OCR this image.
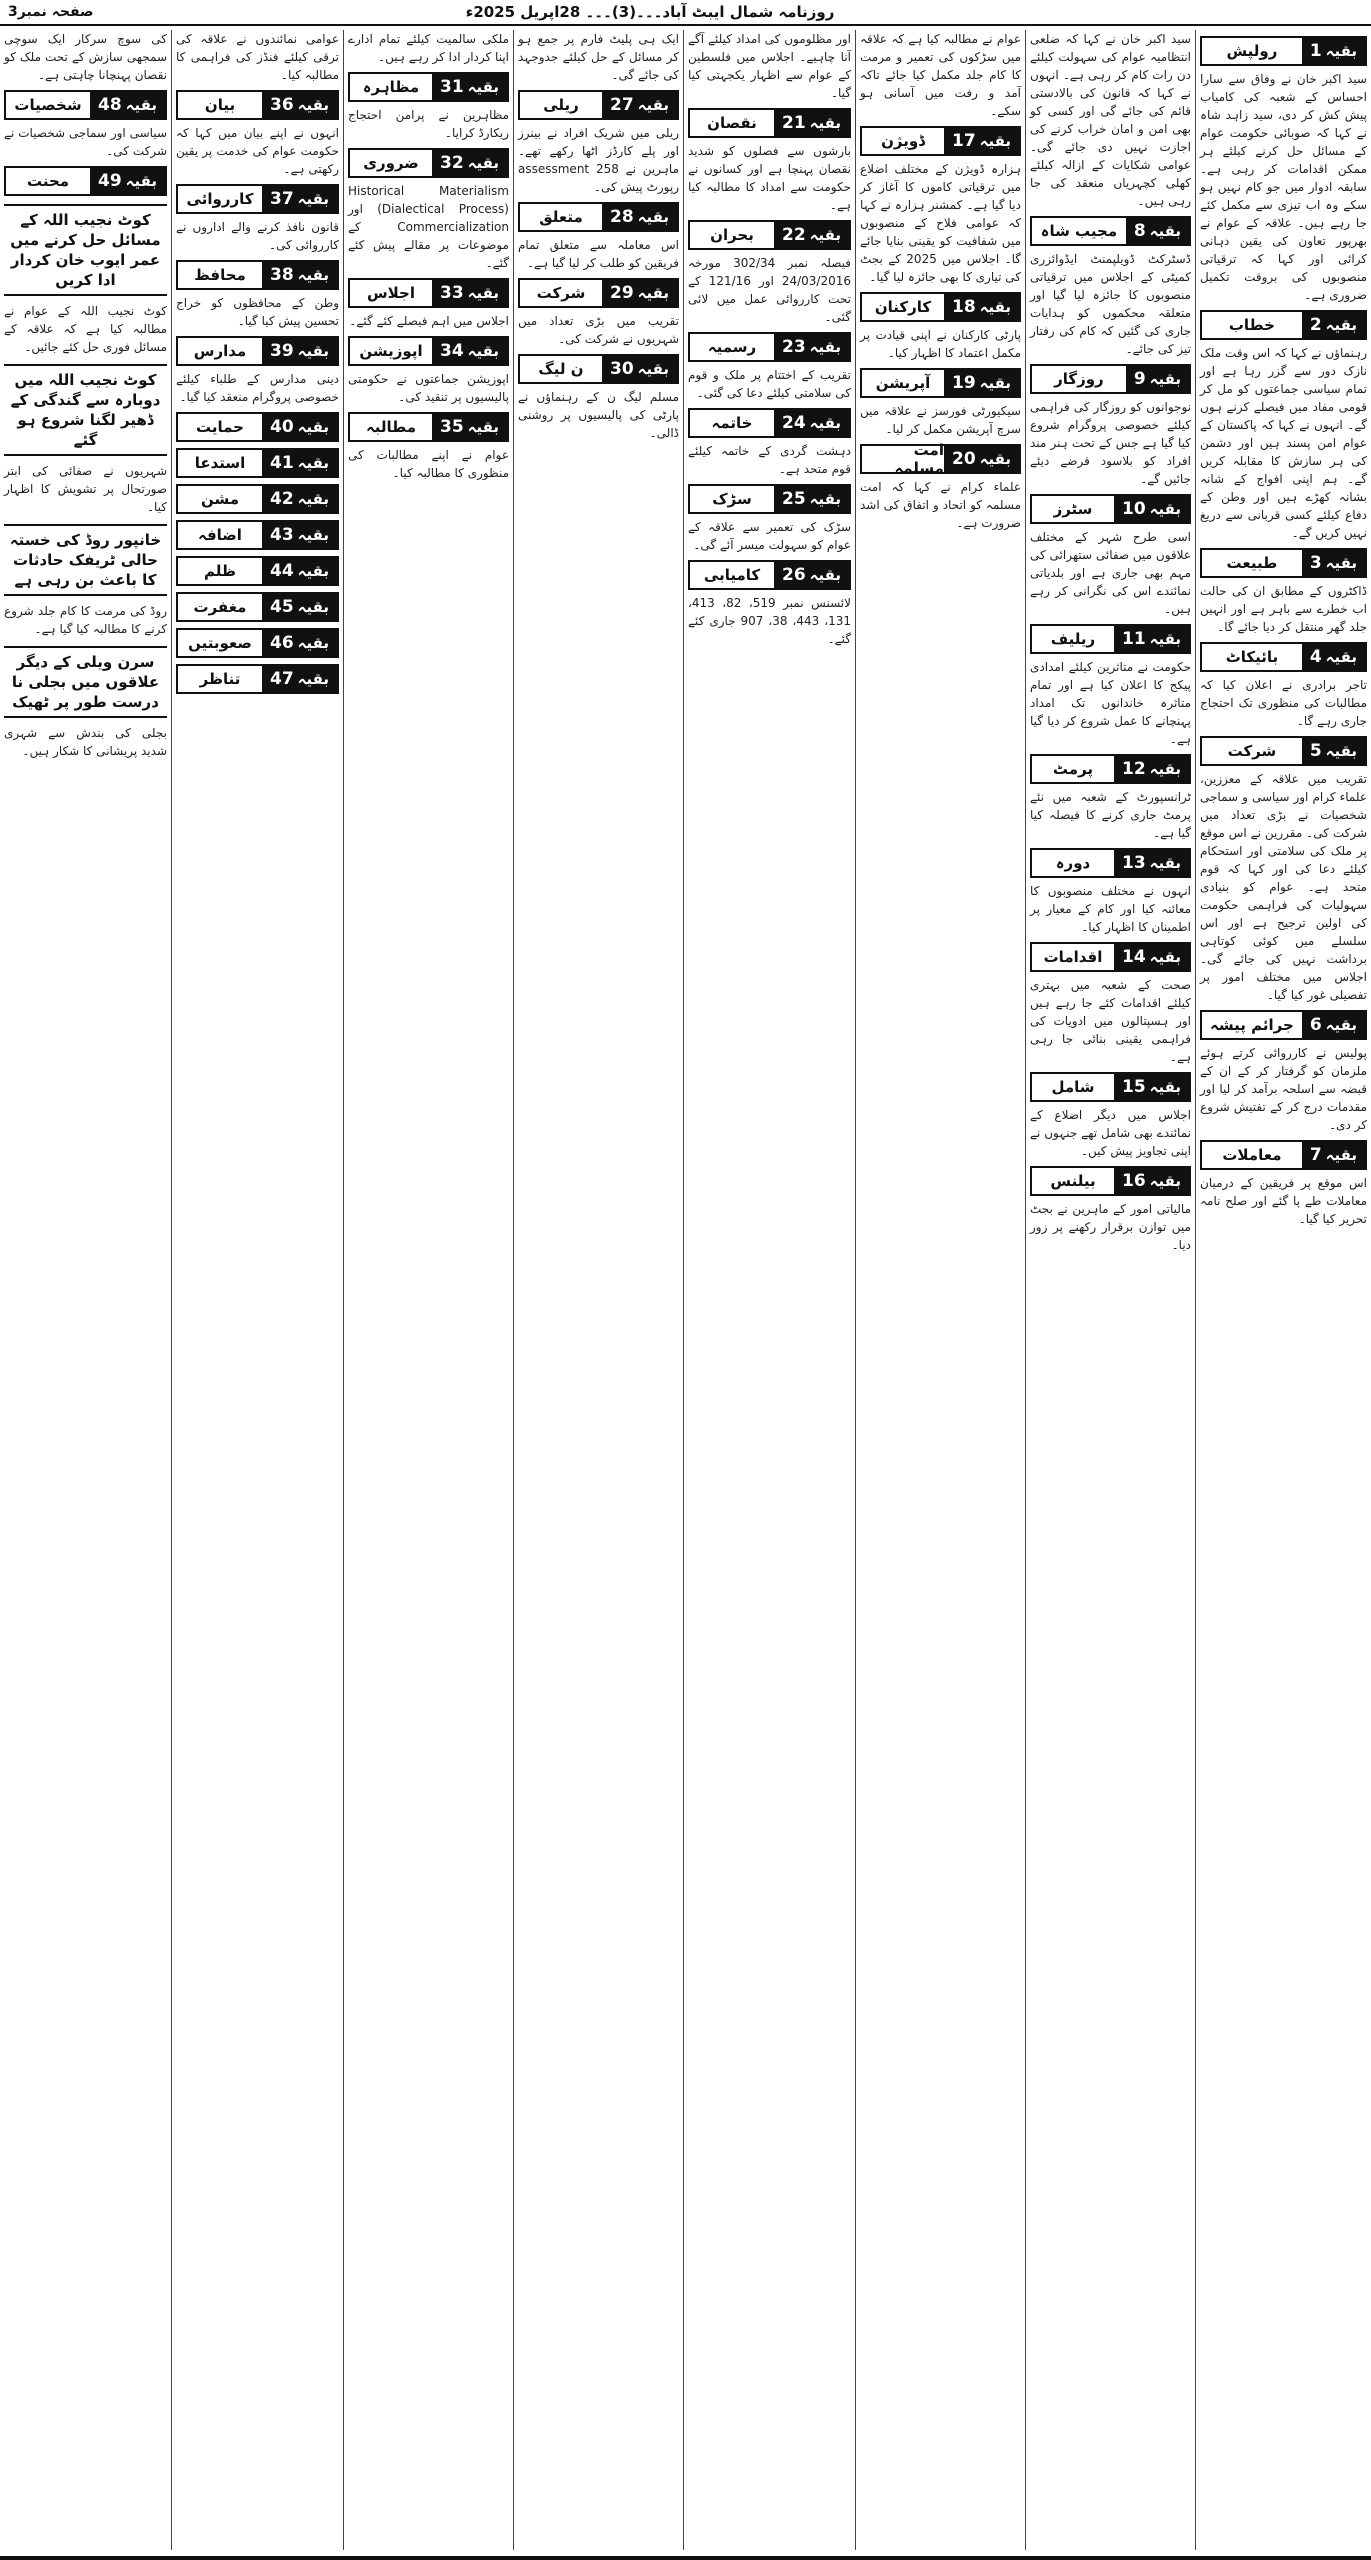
روزنامہ شمال ایبٹ آباد۔۔۔(3)۔۔۔ 28اپریل 2025ء
صفحہ نمبر3
بقیہ
1
رولپش

سید اکبر خان نے وفاق سے سارا احساس کے شعبہ کی کامیاب پیش کش کر دی، سید زاہد شاہ نے کہا کہ صوبائی حکومت عوام کے مسائل حل کرنے کیلئے ہر ممکن اقدامات کر رہی ہے۔ سابقہ ادوار میں جو کام نہیں ہو سکے وہ اب تیزی سے مکمل کئے جا رہے ہیں۔ علاقہ کے عوام نے بھرپور تعاون کی یقین دہانی کرائی اور کہا کہ ترقیاتی منصوبوں کی بروقت تکمیل ضروری ہے۔

بقیہ
2
خطاب

رہنماؤں نے کہا کہ اس وقت ملک نازک دور سے گزر رہا ہے اور تمام سیاسی جماعتوں کو مل کر قومی مفاد میں فیصلے کرنے ہوں گے۔ انہوں نے کہا کہ پاکستان کے عوام امن پسند ہیں اور دشمن کی ہر سازش کا مقابلہ کریں گے۔ ہم اپنی افواج کے شانہ بشانہ کھڑے ہیں اور وطن کے دفاع کیلئے کسی قربانی سے دریغ نہیں کریں گے۔

بقیہ
3
طبیعت

ڈاکٹروں کے مطابق ان کی حالت اب خطرے سے باہر ہے اور انہیں جلد گھر منتقل کر دیا جائے گا۔

بقیہ
4
بائیکاٹ

تاجر برادری نے اعلان کیا کہ مطالبات کی منظوری تک احتجاج جاری رہے گا۔

بقیہ
5
شرکت

تقریب میں علاقہ کے معززین، علماء کرام اور سیاسی و سماجی شخصیات نے بڑی تعداد میں شرکت کی۔ مقررین نے اس موقع پر ملک کی سلامتی اور استحکام کیلئے دعا کی اور کہا کہ قوم متحد ہے۔ عوام کو بنیادی سہولیات کی فراہمی حکومت کی اولین ترجیح ہے اور اس سلسلے میں کوئی کوتاہی برداشت نہیں کی جائے گی۔ اجلاس میں مختلف امور پر تفصیلی غور کیا گیا۔

بقیہ
6
جرائم پیشہ

پولیس نے کارروائی کرتے ہوئے ملزمان کو گرفتار کر کے ان کے قبضہ سے اسلحہ برآمد کر لیا اور مقدمات درج کر کے تفتیش شروع کر دی۔

بقیہ
7
معاملات

اس موقع پر فریقین کے درمیان معاملات طے پا گئے اور صلح نامہ تحریر کیا گیا۔

سید اکبر خان نے کہا کہ ضلعی انتظامیہ عوام کی سہولت کیلئے دن رات کام کر رہی ہے۔ انہوں نے کہا کہ قانون کی بالادستی قائم کی جائے گی اور کسی کو بھی امن و امان خراب کرنے کی اجازت نہیں دی جائے گی۔ عوامی شکایات کے ازالہ کیلئے کھلی کچہریاں منعقد کی جا رہی ہیں۔

بقیہ
8
مجیب شاہ

ڈسٹرکٹ ڈویلپمنٹ ایڈوائزری کمیٹی کے اجلاس میں ترقیاتی منصوبوں کا جائزہ لیا گیا اور متعلقہ محکموں کو ہدایات جاری کی گئیں کہ کام کی رفتار تیز کی جائے۔

بقیہ
9
روزگار

نوجوانوں کو روزگار کی فراہمی کیلئے خصوصی پروگرام شروع کیا گیا ہے جس کے تحت ہنر مند افراد کو بلاسود قرضے دیئے جائیں گے۔

بقیہ
10
سٹرز

اسی طرح شہر کے مختلف علاقوں میں صفائی ستھرائی کی مہم بھی جاری ہے اور بلدیاتی نمائندے اس کی نگرانی کر رہے ہیں۔

بقیہ
11
ریلیف

حکومت نے متاثرین کیلئے امدادی پیکج کا اعلان کیا ہے اور تمام متاثرہ خاندانوں تک امداد پہنچانے کا عمل شروع کر دیا گیا ہے۔

بقیہ
12
پرمٹ

ٹرانسپورٹ کے شعبہ میں نئے پرمٹ جاری کرنے کا فیصلہ کیا گیا ہے۔

بقیہ
13
دورہ

انہوں نے مختلف منصوبوں کا معائنہ کیا اور کام کے معیار پر اطمینان کا اظہار کیا۔

بقیہ
14
اقدامات

صحت کے شعبہ میں بہتری کیلئے اقدامات کئے جا رہے ہیں اور ہسپتالوں میں ادویات کی فراہمی یقینی بنائی جا رہی ہے۔

بقیہ
15
شامل

اجلاس میں دیگر اضلاع کے نمائندے بھی شامل تھے جنہوں نے اپنی تجاویز پیش کیں۔

بقیہ
16
بیلنس

مالیاتی امور کے ماہرین نے بجٹ میں توازن برقرار رکھنے پر زور دیا۔

عوام نے مطالبہ کیا ہے کہ علاقہ میں سڑکوں کی تعمیر و مرمت کا کام جلد مکمل کیا جائے تاکہ آمد و رفت میں آسانی ہو سکے۔

بقیہ
17
ڈویژن

ہزارہ ڈویژن کے مختلف اضلاع میں ترقیاتی کاموں کا آغاز کر دیا گیا ہے۔ کمشنر ہزارہ نے کہا کہ عوامی فلاح کے منصوبوں میں شفافیت کو یقینی بنایا جائے گا۔ اجلاس میں 2025 کے بجٹ کی تیاری کا بھی جائزہ لیا گیا۔

بقیہ
18
کارکنان

پارٹی کارکنان نے اپنی قیادت پر مکمل اعتماد کا اظہار کیا۔

بقیہ
19
آپریشن

سیکیورٹی فورسز نے علاقہ میں سرچ آپریشن مکمل کر لیا۔

بقیہ
20
امت مسلمہ

علماء کرام نے کہا کہ امت مسلمہ کو اتحاد و اتفاق کی اشد ضرورت ہے۔

اور مظلوموں کی امداد کیلئے آگے آنا چاہیے۔ اجلاس میں فلسطین کے عوام سے اظہار یکجہتی کیا گیا۔

بقیہ
21
نقصان

بارشوں سے فصلوں کو شدید نقصان پہنچا ہے اور کسانوں نے حکومت سے امداد کا مطالبہ کیا ہے۔

بقیہ
22
بحران

فیصلہ نمبر 302/34 مورخہ 24/03/2016 اور 121/16 کے تحت کارروائی عمل میں لائی گئی۔

بقیہ
23
رسمیہ

تقریب کے اختتام پر ملک و قوم کی سلامتی کیلئے دعا کی گئی۔

بقیہ
24
خاتمہ

دہشت گردی کے خاتمہ کیلئے قوم متحد ہے۔

بقیہ
25
سڑک

سڑک کی تعمیر سے علاقہ کے عوام کو سہولت میسر آئے گی۔

بقیہ
26
کامیابی

لائسنس نمبر 519، 82، 413، 131، 443، 38، 907 جاری کئے گئے۔

ایک ہی پلیٹ فارم پر جمع ہو کر مسائل کے حل کیلئے جدوجہد کی جائے گی۔

بقیہ
27
ریلی

ریلی میں شریک افراد نے بینرز اور پلے کارڈز اٹھا رکھے تھے۔ ماہرین نے 258 assessment رپورٹ پیش کی۔

بقیہ
28
متعلق

اس معاملہ سے متعلق تمام فریقین کو طلب کر لیا گیا ہے۔

بقیہ
29
شرکت

تقریب میں بڑی تعداد میں شہریوں نے شرکت کی۔

بقیہ
30
ن لیگ

مسلم لیگ ن کے رہنماؤں نے پارٹی کی پالیسیوں پر روشنی ڈالی۔

ملکی سالمیت کیلئے تمام ادارے اپنا کردار ادا کر رہے ہیں۔

بقیہ
31
مظاہرہ

مظاہرین نے پرامن احتجاج ریکارڈ کرایا۔

بقیہ
32
ضروری

Historical Materialism (Dialectical Process) اور Commercialization کے موضوعات پر مقالے پیش کئے گئے۔

بقیہ
33
اجلاس

اجلاس میں اہم فیصلے کئے گئے۔

بقیہ
34
اپوزیشن

اپوزیشن جماعتوں نے حکومتی پالیسیوں پر تنقید کی۔

بقیہ
35
مطالبہ

عوام نے اپنے مطالبات کی منظوری کا مطالبہ کیا۔

عوامی نمائندوں نے علاقہ کی ترقی کیلئے فنڈز کی فراہمی کا مطالبہ کیا۔

بقیہ
36
بیان

انہوں نے اپنے بیان میں کہا کہ حکومت عوام کی خدمت پر یقین رکھتی ہے۔

بقیہ
37
کارروائی

قانون نافذ کرنے والے اداروں نے کارروائی کی۔

بقیہ
38
محافظ

وطن کے محافظوں کو خراج تحسین پیش کیا گیا۔

بقیہ
39
مدارس

دینی مدارس کے طلباء کیلئے خصوصی پروگرام منعقد کیا گیا۔

بقیہ
40
حمایت
بقیہ
41
استدعا
بقیہ
42
مشن
بقیہ
43
اضافہ
بقیہ
44
ظلم
بقیہ
45
مغفرت
بقیہ
46
صعوبتیں
بقیہ
47
تناظر

کی سوچ سرکار ایک سوچی سمجھی سازش کے تحت ملک کو نقصان پہنچانا چاہتی ہے۔

بقیہ
48
شخصیات

سیاسی اور سماجی شخصیات نے شرکت کی۔

بقیہ
49
محنت
کوٹ نجیب اللہ کے مسائل حل کرنے میں عمر ایوب خان کردار ادا کریں

کوٹ نجیب اللہ کے عوام نے مطالبہ کیا ہے کہ علاقہ کے مسائل فوری حل کئے جائیں۔

کوٹ نجیب اللہ میں دوبارہ سے گندگی کے ڈھیر لگنا شروع ہو گئے

شہریوں نے صفائی کی ابتر صورتحال پر تشویش کا اظہار کیا۔

خانپور روڈ کی خستہ حالی ٹریفک حادثات کا باعث بن رہی ہے

روڈ کی مرمت کا کام جلد شروع کرنے کا مطالبہ کیا گیا ہے۔

سرن ویلی کے دیگر علاقوں میں بجلی نا درست طور پر ٹھیک

بجلی کی بندش سے شہری شدید پریشانی کا شکار ہیں۔
